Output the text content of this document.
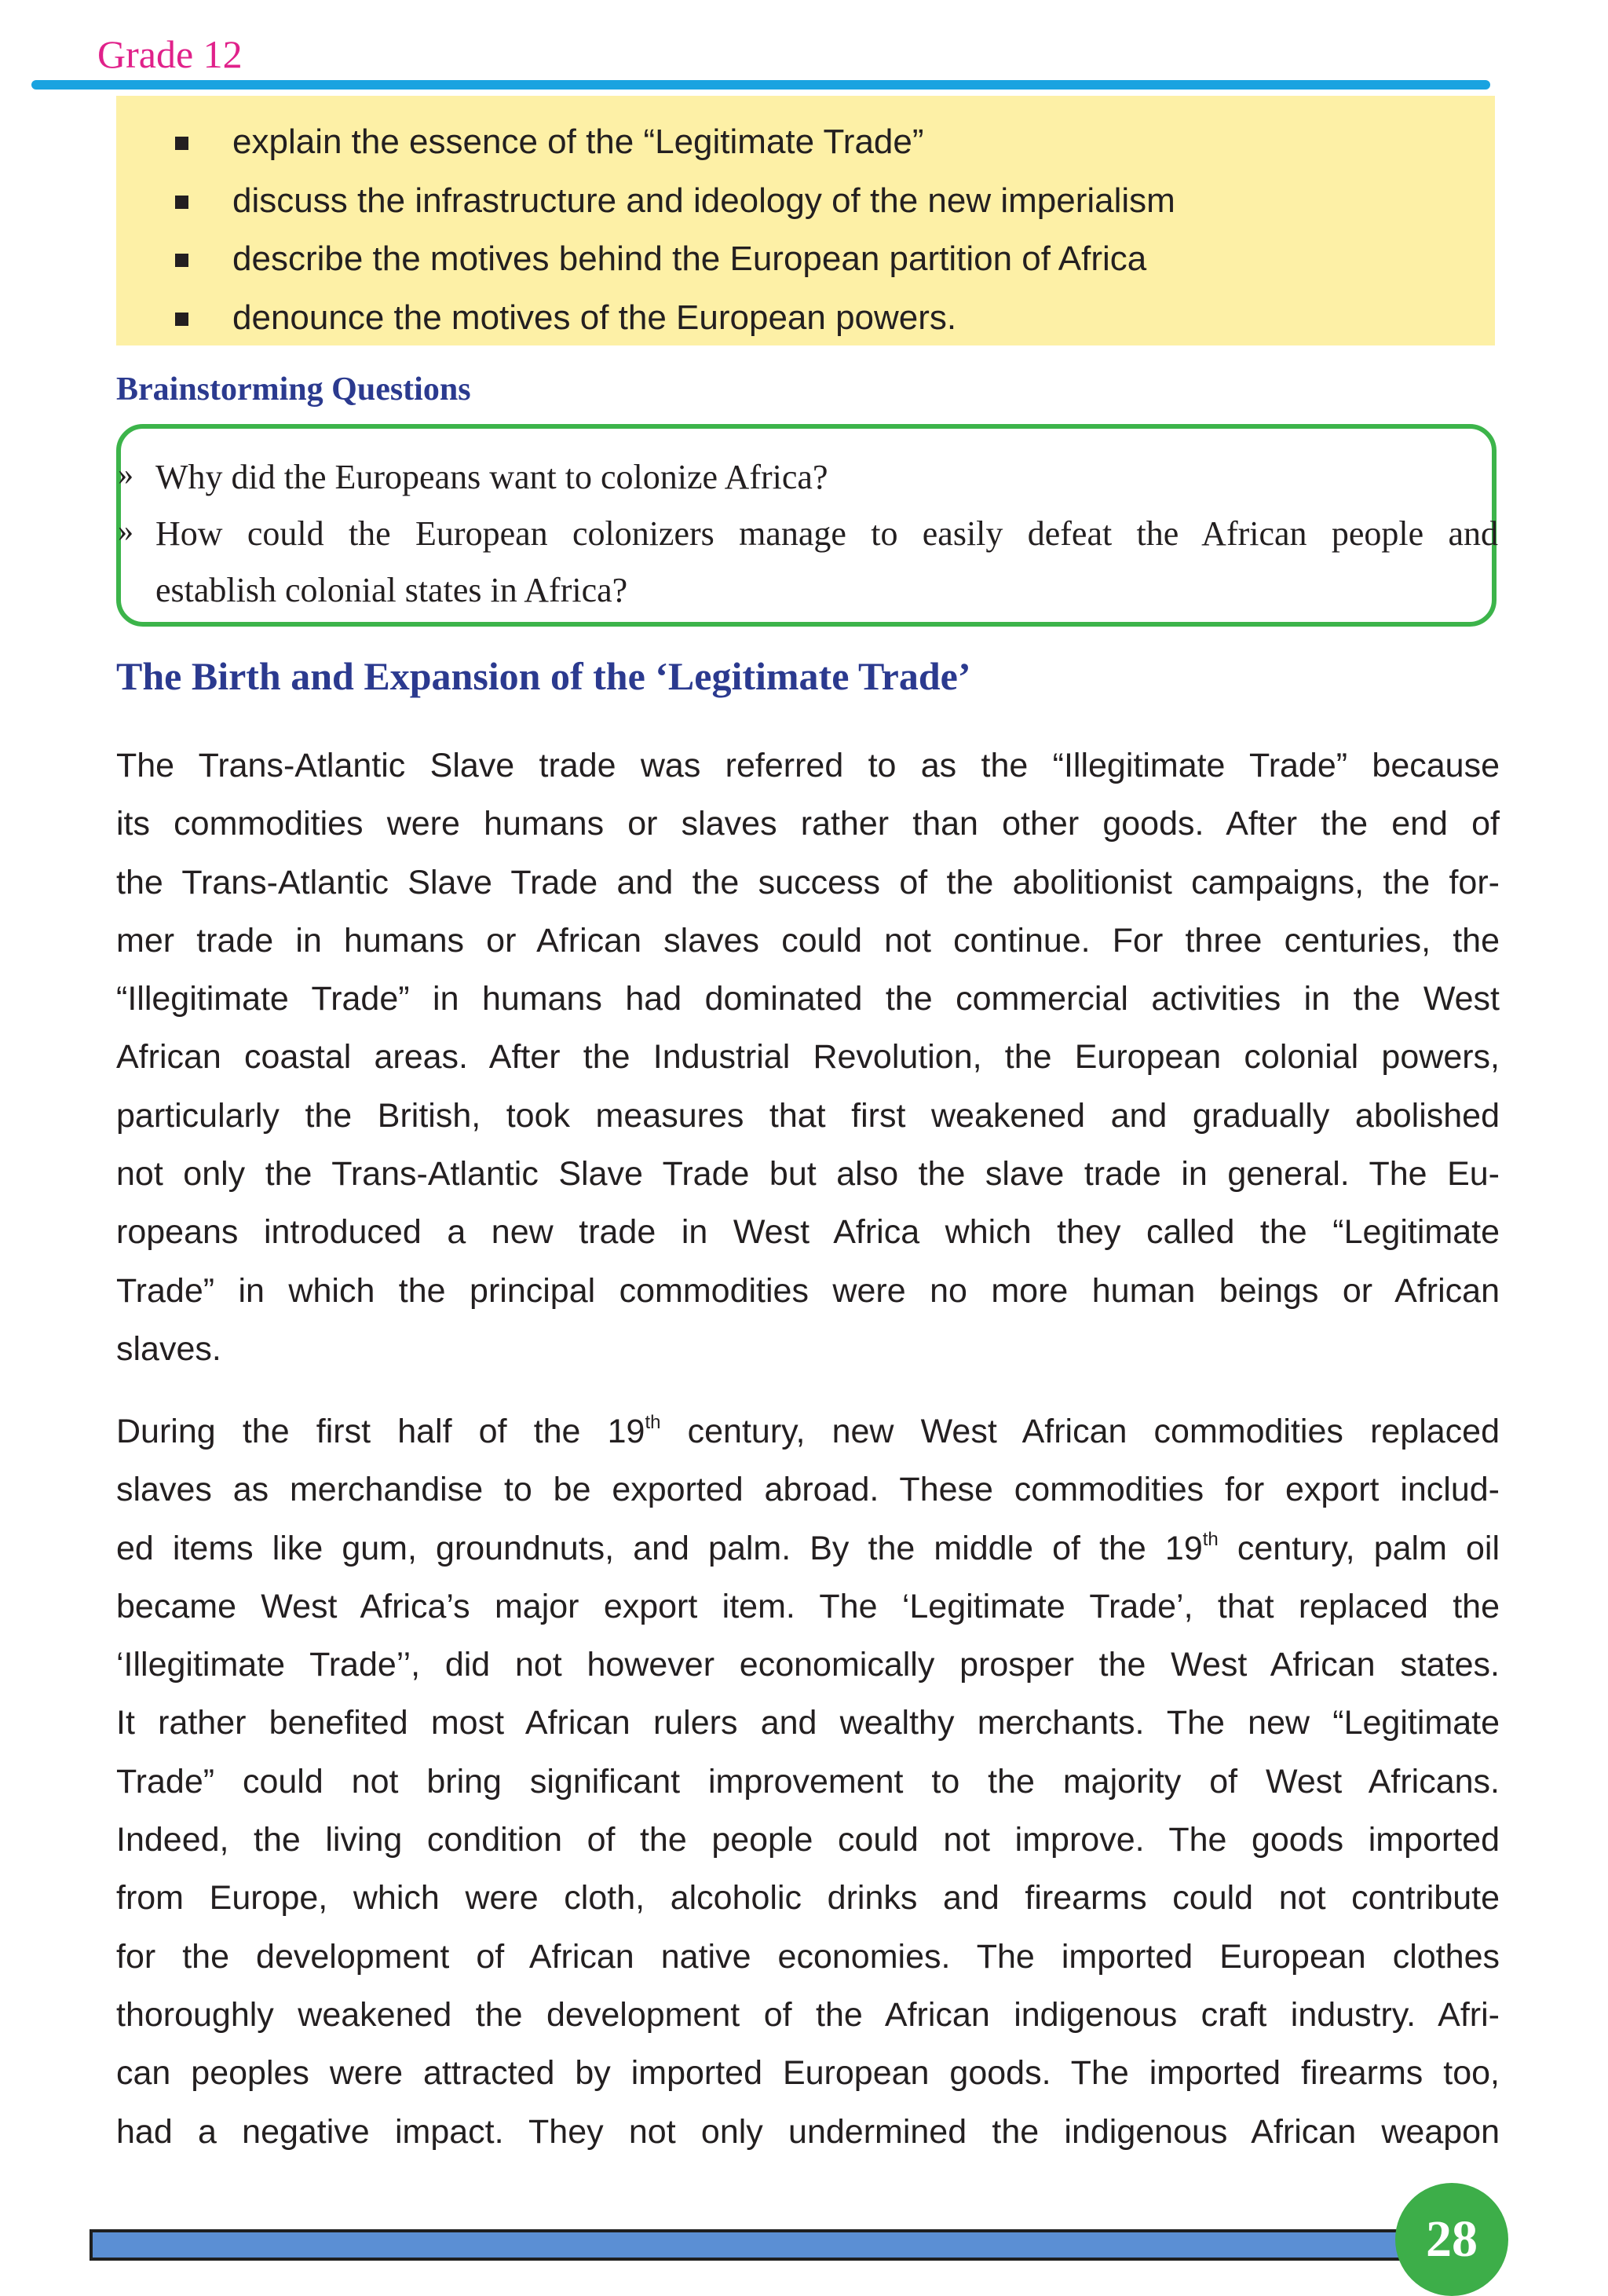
Grade 12
explain the essence of the “Legitimate Trade”
discuss the infrastructure and ideology of the new imperialism
describe the motives behind the European partition of Africa
denounce the motives of the European powers.
Brainstorming Questions
» Why did the Europeans want to colonize Africa?
» How could the European colonizers manage to easily defeat the African people and
establish colonial states in Africa?
The Birth and Expansion of the ‘Legitimate Trade’
The Trans-Atlantic Slave trade was referred to as the “Illegitimate Trade” because
its commodities were humans or slaves rather than other goods. After the end of
the Trans-Atlantic Slave Trade and the success of the abolitionist campaigns, the for-
mer trade in humans or African slaves could not continue. For three centuries, the
“Illegitimate Trade” in humans had dominated the commercial activities in the West
African coastal areas. After the Industrial Revolution, the European colonial powers,
particularly the British, took measures that first weakened and gradually abolished
not only the Trans-Atlantic Slave Trade but also the slave trade in general. The Eu-
ropeans introduced a new trade in West Africa which they called the “Legitimate
Trade” in which the principal commodities were no more human beings or African
slaves.
During the first half of the 19th century, new West African commodities replaced
slaves as merchandise to be exported abroad. These commodities for export includ-
ed items like gum, groundnuts, and palm. By the middle of the 19th century, palm oil
became West Africa’s major export item. The ‘Legitimate Trade’, that replaced the
‘Illegitimate Trade’’, did not however economically prosper the West African states.
It rather benefited most African rulers and wealthy merchants. The new “Legitimate
Trade” could not bring significant improvement to the majority of West Africans.
Indeed, the living condition of the people could not improve. The goods imported
from Europe, which were cloth, alcoholic drinks and firearms could not contribute
for the development of African native economies. The imported European clothes
thoroughly weakened the development of the African indigenous craft industry. Afri-
can peoples were attracted by imported European goods. The imported firearms too,
had a negative impact. They not only undermined the indigenous African weapon
28
